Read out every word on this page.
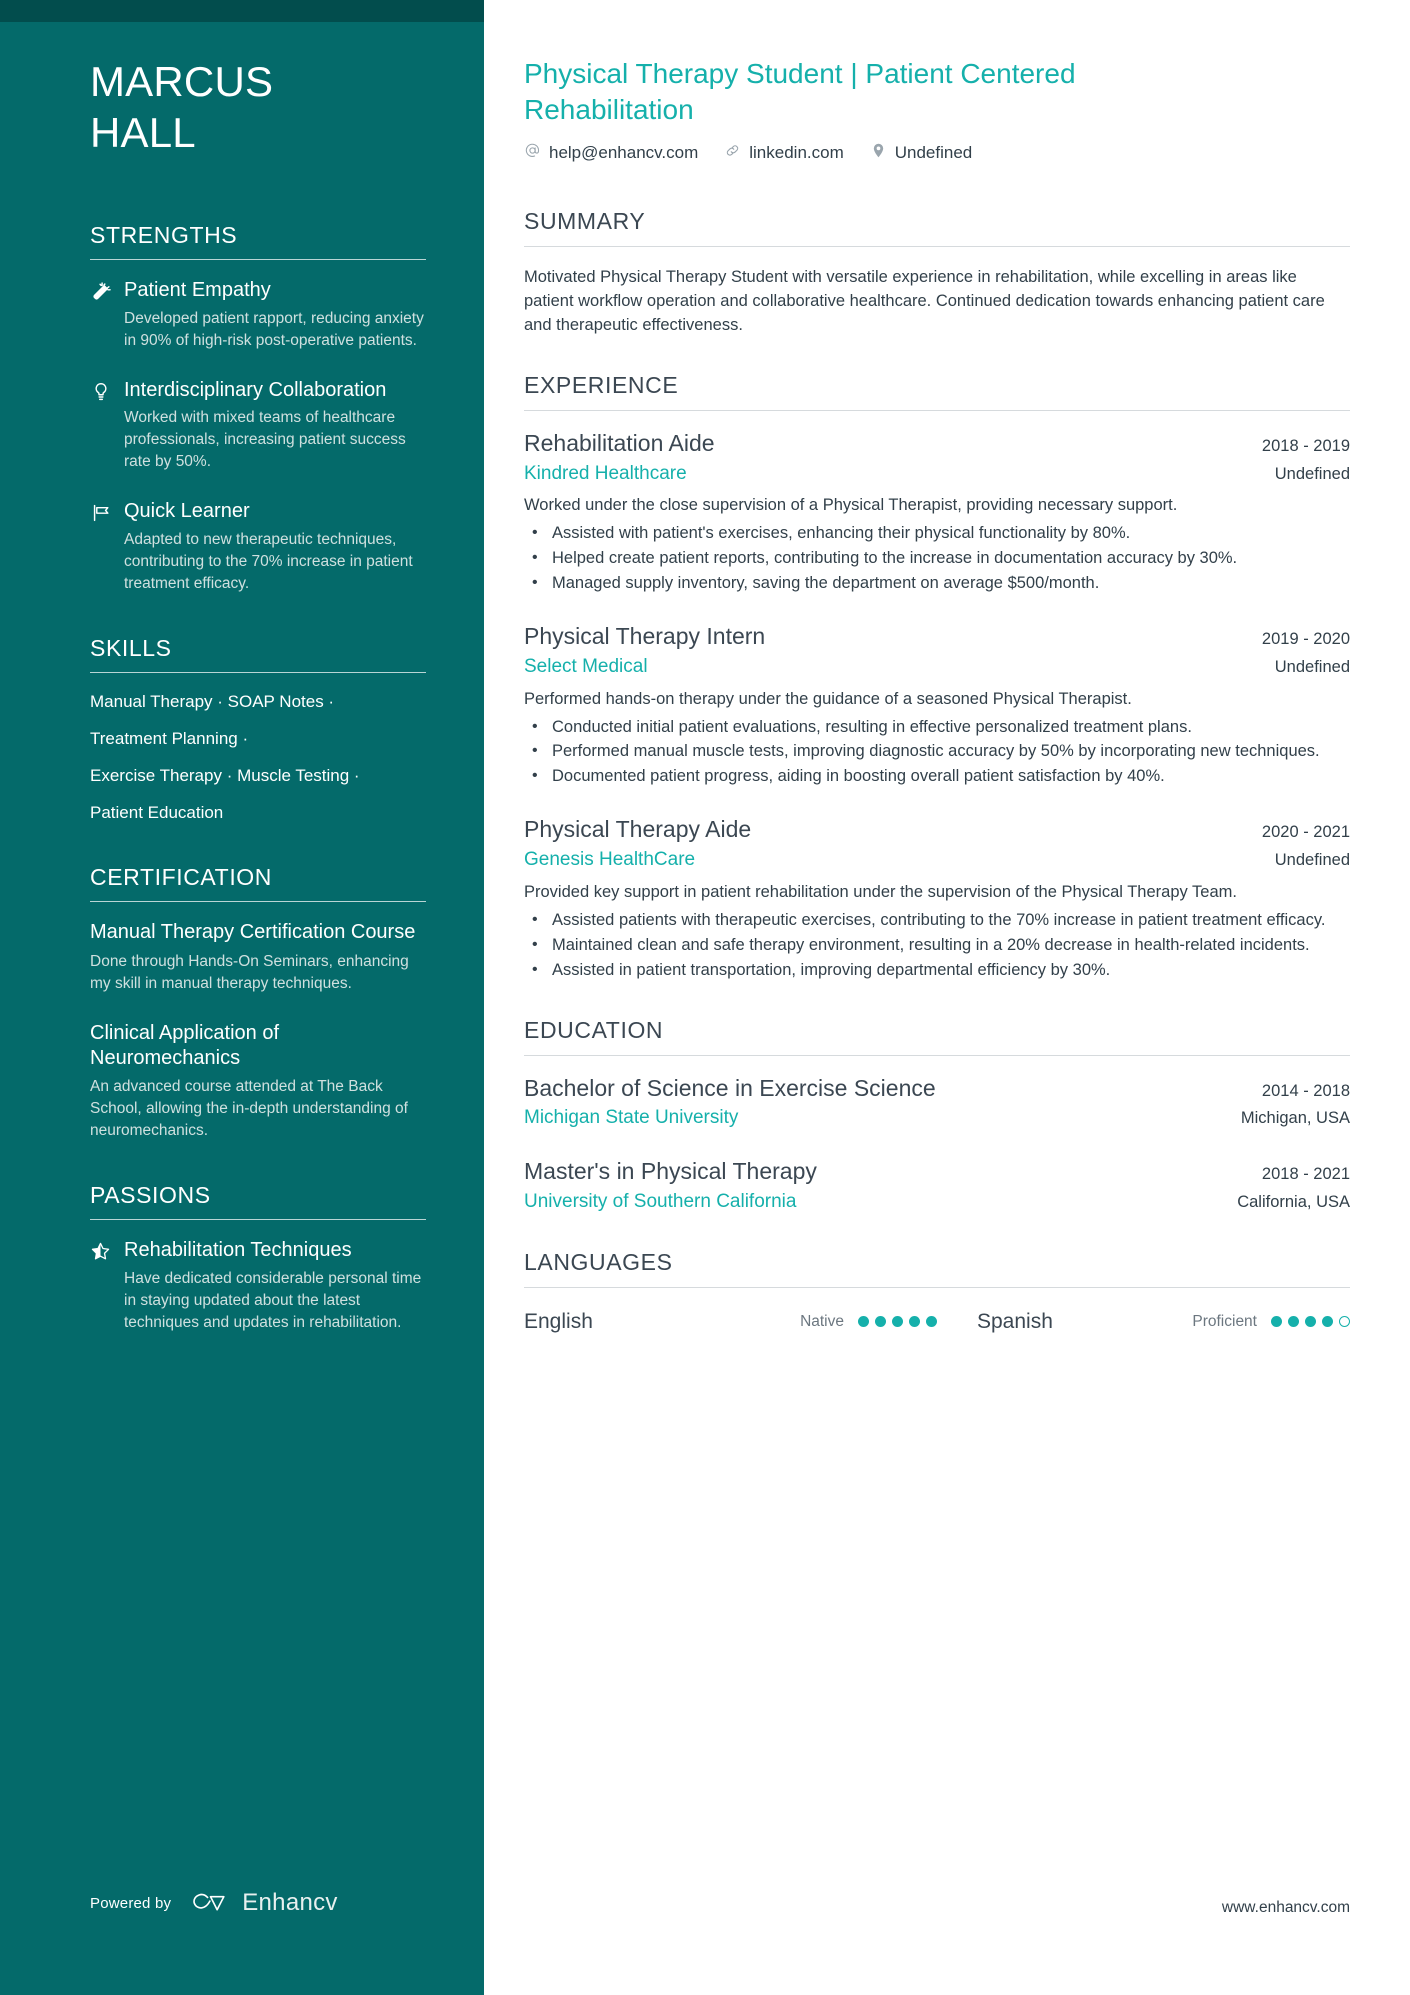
MARCUS
HALL
STRENGTHS
Patient Empathy
Developed patient rapport, reducing anxiety in 90% of high-risk post-operative patients.
Interdisciplinary Collaboration
Worked with mixed teams of healthcare professionals, increasing patient success rate by 50%.
Quick Learner
Adapted to new therapeutic techniques, contributing to the 70% increase in patient treatment efficacy.
SKILLS
Manual Therapy · SOAP Notes ·
Treatment Planning ·
Exercise Therapy · Muscle Testing ·
Patient Education
CERTIFICATION
Manual Therapy Certification Course
Done through Hands-On Seminars, enhancing my skill in manual therapy techniques.
Clinical Application of Neuromechanics
An advanced course attended at The Back School, allowing the in-depth understanding of neuromechanics.
PASSIONS
Rehabilitation Techniques
Have dedicated considerable personal time in staying updated about the latest techniques and updates in rehabilitation.
Powered by	Enhancv
Physical Therapy Student | Patient Centered Rehabilitation
help@enhancv.com	linkedin.com	Undefined
SUMMARY

Motivated Physical Therapy Student with versatile experience in rehabilitation, while excelling in areas like patient workflow operation and collaborative healthcare. Continued dedication towards enhancing patient care and therapeutic effectiveness.

EXPERIENCE
Rehabilitation Aide	2018 - 2019
Kindred Healthcare	Undefined

Worked under the close supervision of a Physical Therapist, providing necessary support.

• Assisted with patient's exercises, enhancing their physical functionality by 80%.
• Helped create patient reports, contributing to the increase in documentation accuracy by 30%.
• Managed supply inventory, saving the department on average $500/month.
Physical Therapy Intern	2019 - 2020
Select Medical	Undefined

Performed hands-on therapy under the guidance of a seasoned Physical Therapist.

• Conducted initial patient evaluations, resulting in effective personalized treatment plans.
• Performed manual muscle tests, improving diagnostic accuracy by 50% by incorporating new techniques.
• Documented patient progress, aiding in boosting overall patient satisfaction by 40%.
Physical Therapy Aide	2020 - 2021
Genesis HealthCare	Undefined

Provided key support in patient rehabilitation under the supervision of the Physical Therapy Team.

• Assisted patients with therapeutic exercises, contributing to the 70% increase in patient treatment efficacy.
• Maintained clean and safe therapy environment, resulting in a 20% decrease in health-related incidents.
• Assisted in patient transportation, improving departmental efficiency by 30%.
EDUCATION
Bachelor of Science in Exercise Science	2014 - 2018
Michigan State University	Michigan, USA
Master's in Physical Therapy	2018 - 2021
University of Southern California	California, USA
LANGUAGES
English	Native	Spanish	Proficient
www.enhancv.com
